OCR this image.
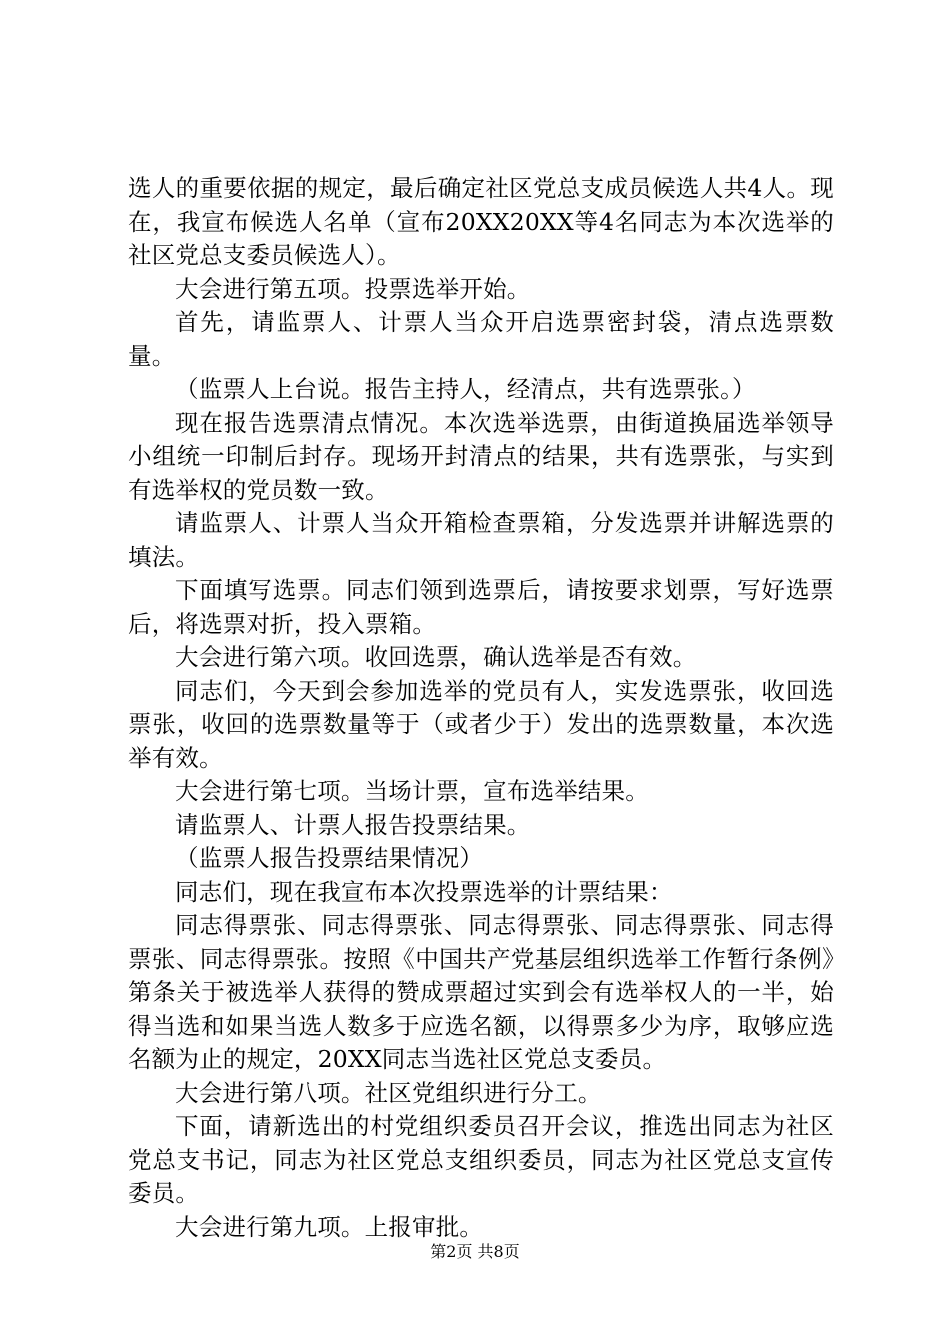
选人的重要依据的规定，最后确定社区党总支成员候选人共4人。现在，我宣布候选人名单（宣布20XX20XX等4名同志为本次选举的社区党总支委员候选人）。

大会进行第五项。投票选举开始。

首先，请监票人、计票人当众开启选票密封袋，清点选票数量。

（监票人上台说。报告主持人，经清点，共有选票张。）

现在报告选票清点情况。本次选举选票，由街道换届选举领导小组统一印制后封存。现场开封清点的结果，共有选票张，与实到有选举权的党员数一致。

请监票人、计票人当众开箱检查票箱，分发选票并讲解选票的填法。

下面填写选票。同志们领到选票后，请按要求划票，写好选票后，将选票对折，投入票箱。

大会进行第六项。收回选票，确认选举是否有效。

同志们，今天到会参加选举的党员有人，实发选票张，收回选票张，收回的选票数量等于（或者少于）发出的选票数量，本次选举有效。

大会进行第七项。当场计票，宣布选举结果。

请监票人、计票人报告投票结果。

（监票人报告投票结果情况）

同志们，现在我宣布本次投票选举的计票结果：

同志得票张、同志得票张、同志得票张、同志得票张、同志得票张、同志得票张。按照《中国共产党基层组织选举工作暂行条例》第条关于被选举人获得的赞成票超过实到会有选举权人的一半，始得当选和如果当选人数多于应选名额，以得票多少为序，取够应选名额为止的规定，20XX同志当选社区党总支委员。

大会进行第八项。社区党组织进行分工。

下面，请新选出的村党组织委员召开会议，推选出同志为社区党总支书记，同志为社区党总支组织委员，同志为社区党总支宣传委员。

大会进行第九项。上报审批。

第2页 共8页
